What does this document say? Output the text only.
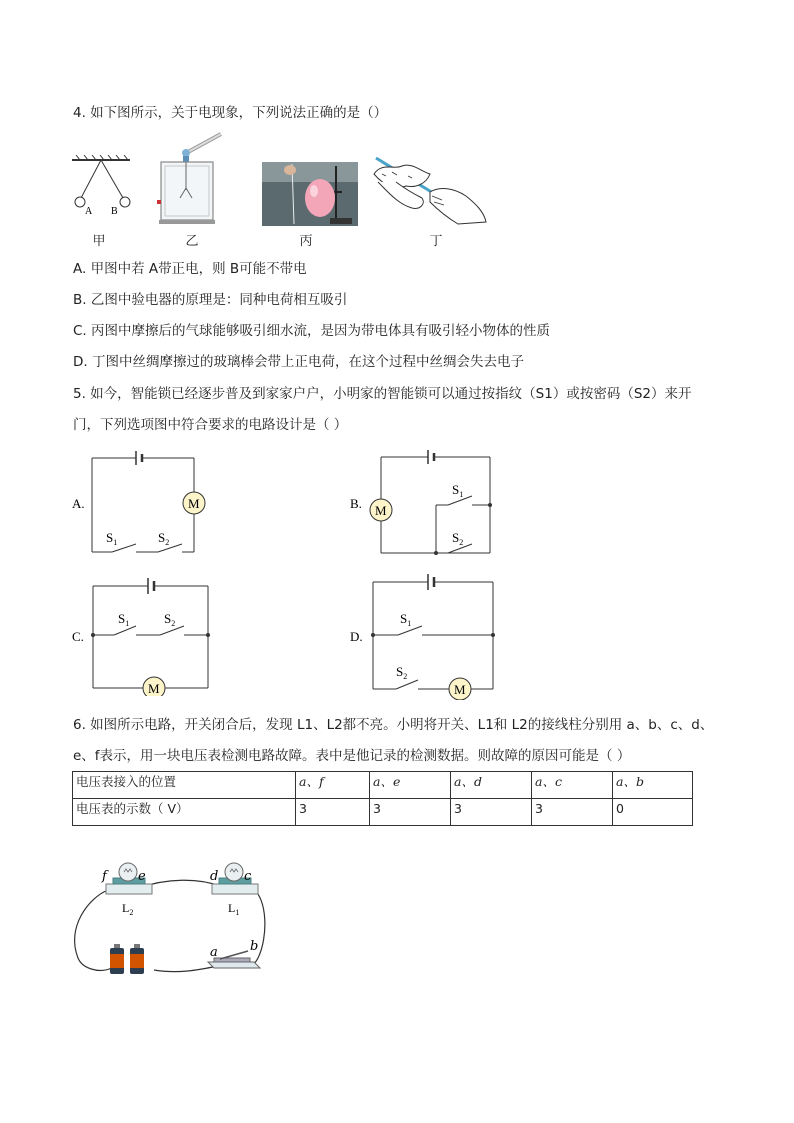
4. 如下图所示，关于电现象，下列说法正确的是（）
A B
甲	乙	丙	丁
A. 甲图中若 A带正电，则 B可能不带电
B. 乙图中验电器的原理是：同种电荷相互吸引
C. 丙图中摩擦后的气球能够吸引细水流，是因为带电体具有吸引轻小物体的性质
D. 丁图中丝绸摩擦过的玻璃棒会带上正电荷，在这个过程中丝绸会失去电子
5. 如今，智能锁已经逐步普及到家家户户，小明家的智能锁可以通过按指纹（S1）或按密码（S2）来开
门，下列选项图中符合要求的电路设计是（ ）
A.	M
$S_1$	$S_2$
B. M
$S_1$
$S_2$
C.
M
$S_1$	$S_2$
D.
M
$S_1$
$S_2$
6. 如图所示电路，开关闭合后，发现 L1、L2都不亮。小明将开关、L1和 L2的接线柱分别用 a、b、c、d、
e、f表示，用一块电压表检测电路故障。表中是他记录的检测数据。则故障的原因可能是（ ）
电压表接入的位置	a、f	a、e	a、d	a、c	a、b
电压表的示数（ V）	3	3	3	3	0
f e
$L_2$
d c
$L_1$
a b
